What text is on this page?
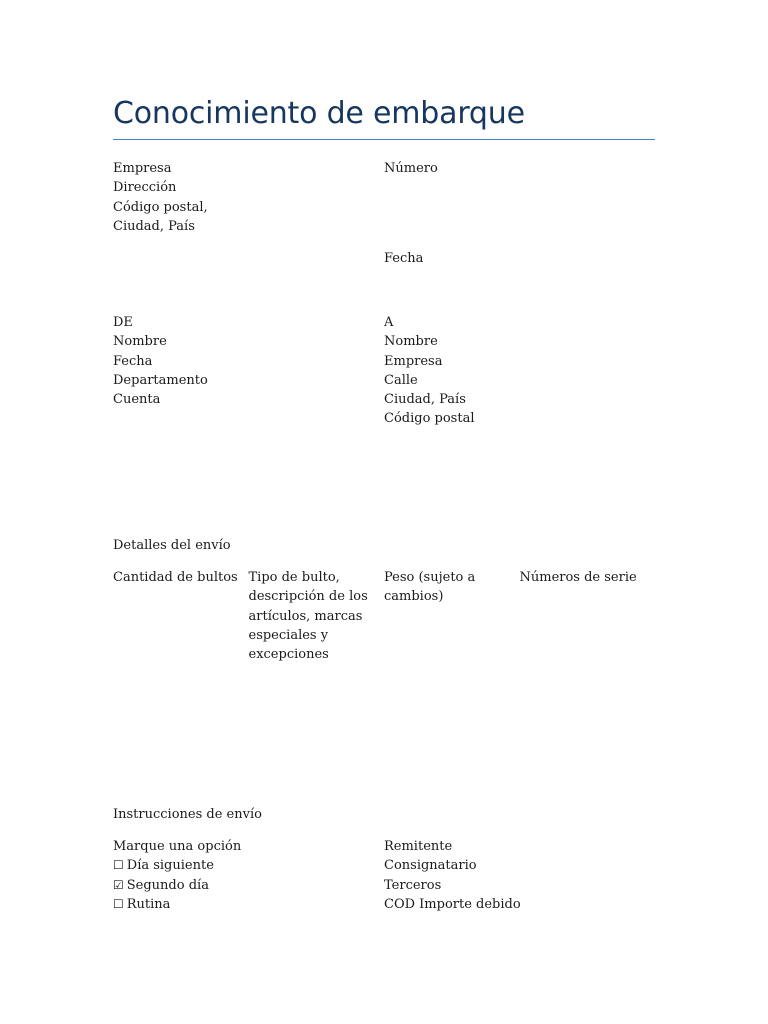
Conocimiento de embarque
Empresa
Dirección
Código postal,
Ciudad, País
Número
Fecha
DE
Nombre
Fecha
Departamento
Cuenta
A
Nombre
Empresa
Calle
Ciudad, País
Código postal
Detalles del envío
Cantidad de bultos Tipo de bulto, descripción de los artículos, marcas especiales y excepciones
Peso (sujeto a cambios)
Números de serie
Instrucciones de envío
Marque una opción
☐ Día siguiente
☑ Segundo día
☐ Rutina
Remitente
Consignatario
Terceros
COD Importe debido
